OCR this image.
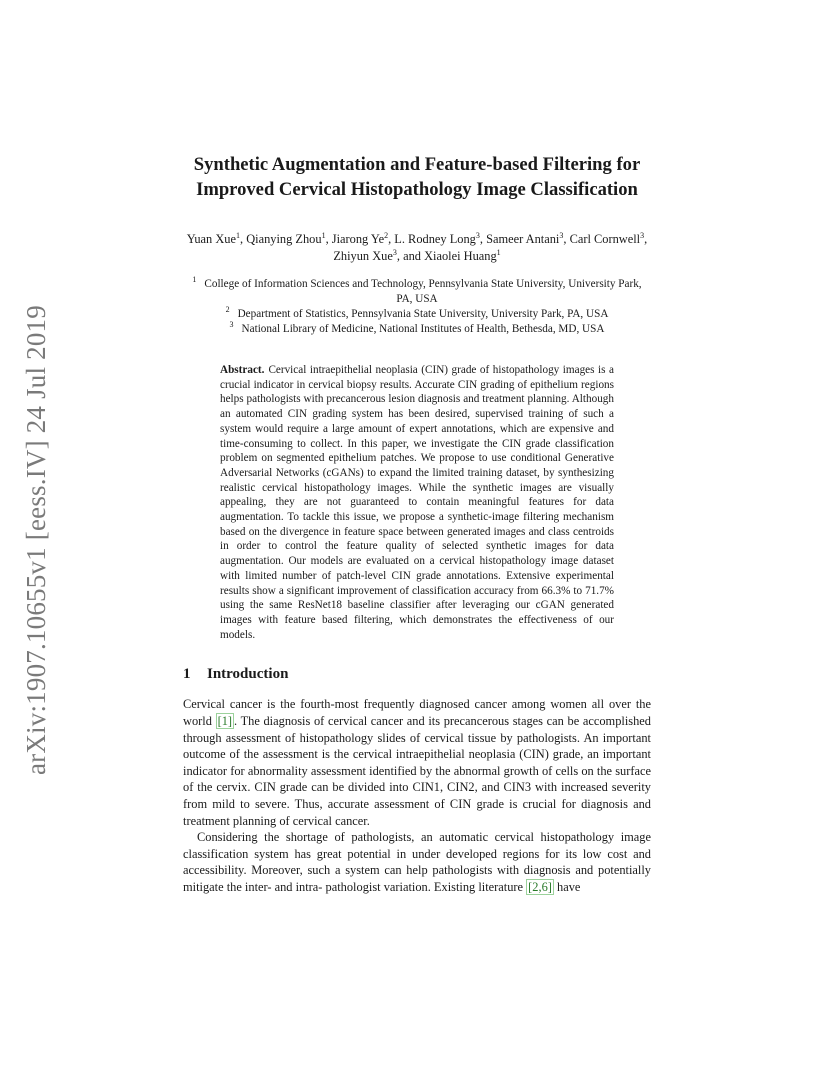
arXiv:1907.10655v1 [eess.IV] 24 Jul 2019
Synthetic Augmentation and Feature-based Filtering for
Improved Cervical Histopathology Image Classification
Yuan Xue$^1$, Qianying Zhou$^1$, Jiarong Ye$^2$, L. Rodney Long$^3$, Sameer Antani$^3$, Carl Cornwell$^3$, Zhiyun Xue$^3$, and Xiaolei Huang$^1$
$^1$ College of Information Sciences and Technology, Pennsylvania State University, University Park, PA, USA
$^2$ Department of Statistics, Pennsylvania State University, University Park, PA, USA
$^3$ National Library of Medicine, National Institutes of Health, Bethesda, MD, USA
Abstract. Cervical intraepithelial neoplasia (CIN) grade of histopathology images is a crucial indicator in cervical biopsy results. Accurate CIN grading of epithelium regions helps pathologists with precancerous lesion diagnosis and treatment planning. Although an automated CIN grading system has been desired, supervised training of such a system would require a large amount of expert annotations, which are expensive and time-consuming to collect. In this paper, we investigate the CIN grade classification problem on segmented epithelium patches. We propose to use conditional Generative Adversarial Networks (cGANs) to expand the limited training dataset, by synthesizing realistic cervical histopathology images. While the synthetic images are visually appealing, they are not guaranteed to contain meaningful features for data augmentation. To tackle this issue, we propose a synthetic-image filtering mechanism based on the divergence in feature space between generated images and class centroids in order to control the feature quality of selected synthetic images for data augmentation. Our models are evaluated on a cervical histopathology image dataset with limited number of patch-level CIN grade annotations. Extensive experimental results show a significant improvement of classification accuracy from 66.3% to 71.7% using the same ResNet18 baseline classifier after leveraging our cGAN generated images with feature based filtering, which demonstrates the effectiveness of our models.
1 Introduction

Cervical cancer is the fourth-most frequently diagnosed cancer among women all over the world [1] . The diagnosis of cervical cancer and its precancerous stages can be accomplished through assessment of histopathology slides of cervical tissue by pathologists. An important outcome of the assessment is the cervical intraepithelial neoplasia (CIN) grade, an important indicator for abnormality assessment identified by the abnormal growth of cells on the surface of the cervix. CIN grade can be divided into CIN1, CIN2, and CIN3 with increased severity from mild to severe. Thus, accurate assessment of CIN grade is crucial for diagnosis and treatment planning of cervical cancer.

Considering the shortage of pathologists, an automatic cervical histopathology image classification system has great potential in under developed regions for its low cost and accessibility. Moreover, such a system can help pathologists with diagnosis and potentially mitigate the inter- and intra- pathologist variation. Existing literature [2,6] have
